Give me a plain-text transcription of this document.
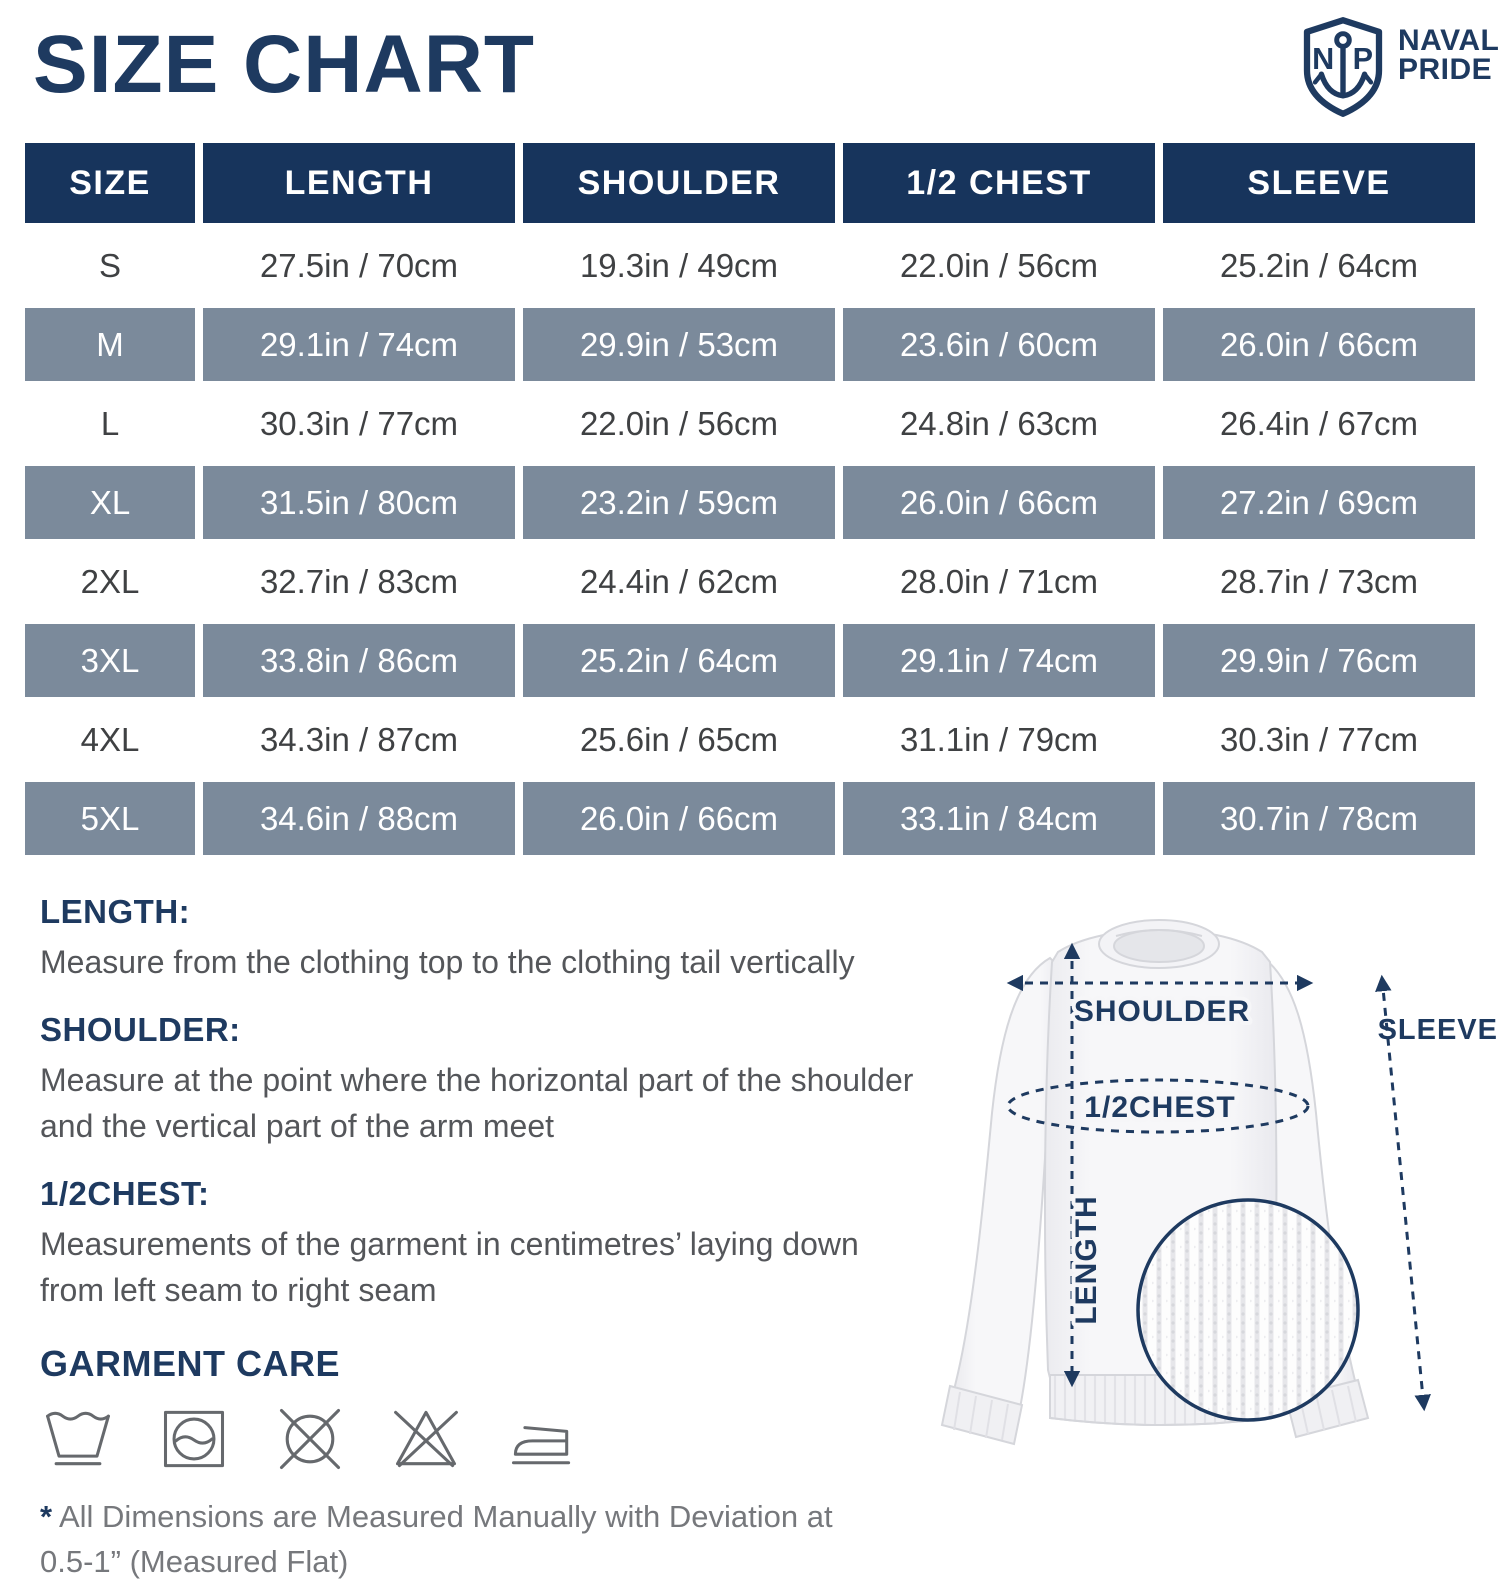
SIZE CHART	N P
NAVAL
PRIDE
SIZE	LENGTH	SHOULDER	1/2 CHEST	SLEEVE
S	27.5in / 70cm	19.3in / 49cm	22.0in / 56cm	25.2in / 64cm
M	29.1in / 74cm	29.9in / 53cm	23.6in / 60cm	26.0in / 66cm
L	30.3in / 77cm	22.0in / 56cm	24.8in / 63cm	26.4in / 67cm
XL	31.5in / 80cm	23.2in / 59cm	26.0in / 66cm	27.2in / 69cm
2XL	32.7in / 83cm	24.4in / 62cm	28.0in / 71cm	28.7in / 73cm
3XL	33.8in / 86cm	25.2in / 64cm	29.1in / 74cm	29.9in / 76cm
4XL	34.3in / 87cm	25.6in / 65cm	31.1in / 79cm	30.3in / 77cm
5XL	34.6in / 88cm	26.0in / 66cm	33.1in / 84cm	30.7in / 78cm
LENGTH:
Measure from the clothing top to the clothing tail vertically
SHOULDER:
Measure at the point where the horizontal part of the shoulder and the vertical part of the arm meet
1/2CHEST:
Measurements of the garment in centimetres’ laying down from left seam to right seam
GARMENT CARE
* All Dimensions are Measured Manually with Deviation at 0.5-1” (Measured Flat)
SHOULDER
1/2CHEST
LENGTH
SLEEVE
